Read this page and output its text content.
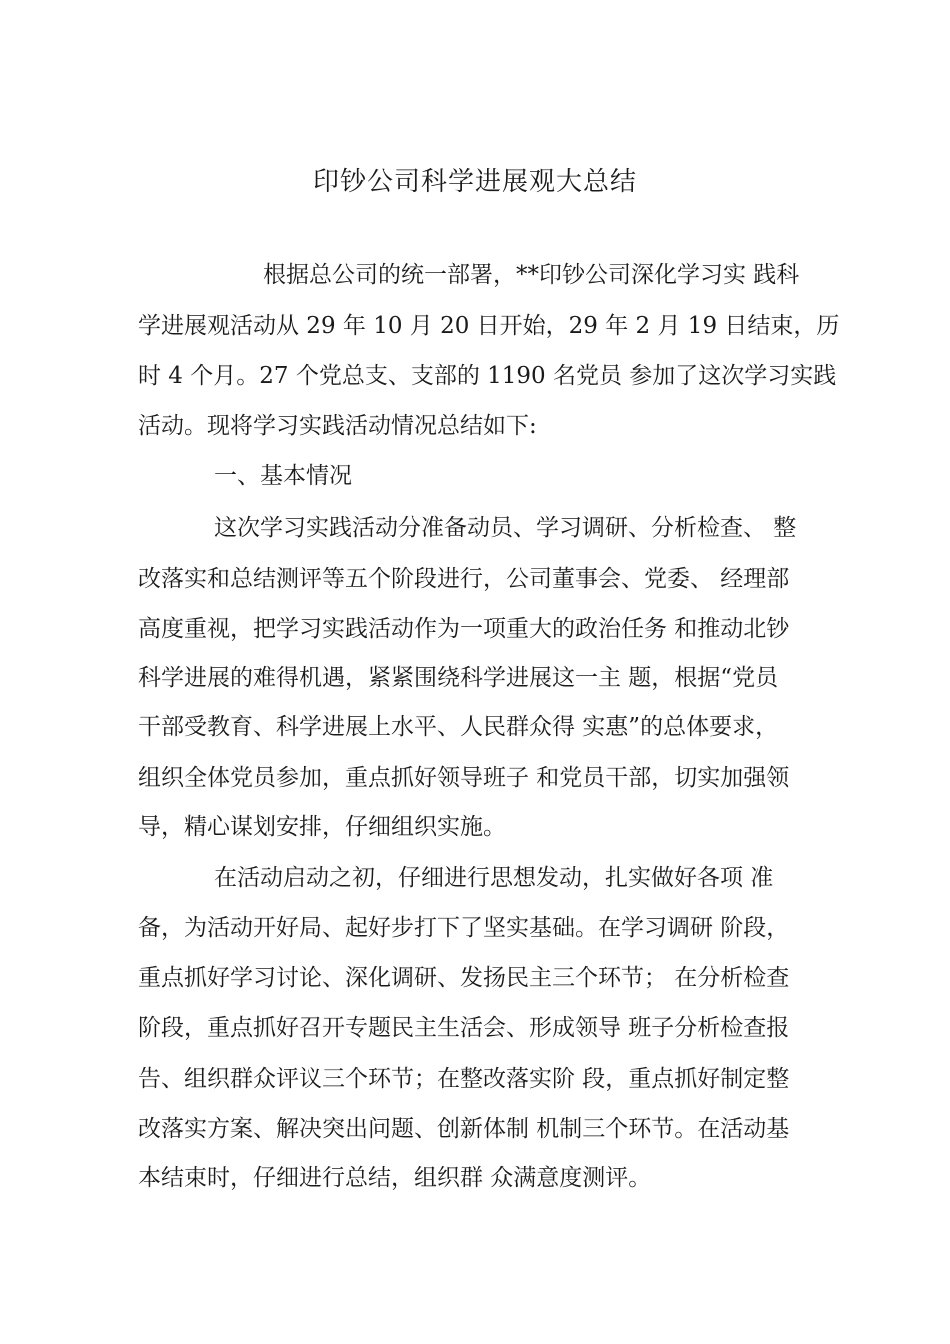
印钞公司科学进展观大总结
根据总公司的统一部署，**印钞公司深化学习实 践科
学进展观活动从 29 年 10 月 20 日开始，29 年 2 月 19 日结束，历
时 4 个月。27 个党总支、支部的 1190 名党员 参加了这次学习实践
活动。现将学习实践活动情况总结如下:
一、基本情况
这次学习实践活动分准备动员、学习调研、分析检查、 整
改落实和总结测评等五个阶段进行，公司董事会、党委、 经理部
高度重视，把学习实践活动作为一项重大的政治任务 和推动北钞
科学进展的难得机遇，紧紧围绕科学进展这一主 题，根据“党员
干部受教育、科学进展上水平、人民群众得 实惠”的总体要求，
组织全体党员参加，重点抓好领导班子 和党员干部，切实加强领
导，精心谋划安排，仔细组织实施。
在活动启动之初，仔细进行思想发动，扎实做好各项 准
备，为活动开好局、起好步打下了坚实基础。在学习调研 阶段，
重点抓好学习讨论、深化调研、发扬民主三个环节； 在分析检查
阶段，重点抓好召开专题民主生活会、形成领导 班子分析检查报
告、组织群众评议三个环节；在整改落实阶 段，重点抓好制定整
改落实方案、解决突出问题、创新体制 机制三个环节。在活动基
本结束时，仔细进行总结，组织群 众满意度测评。
